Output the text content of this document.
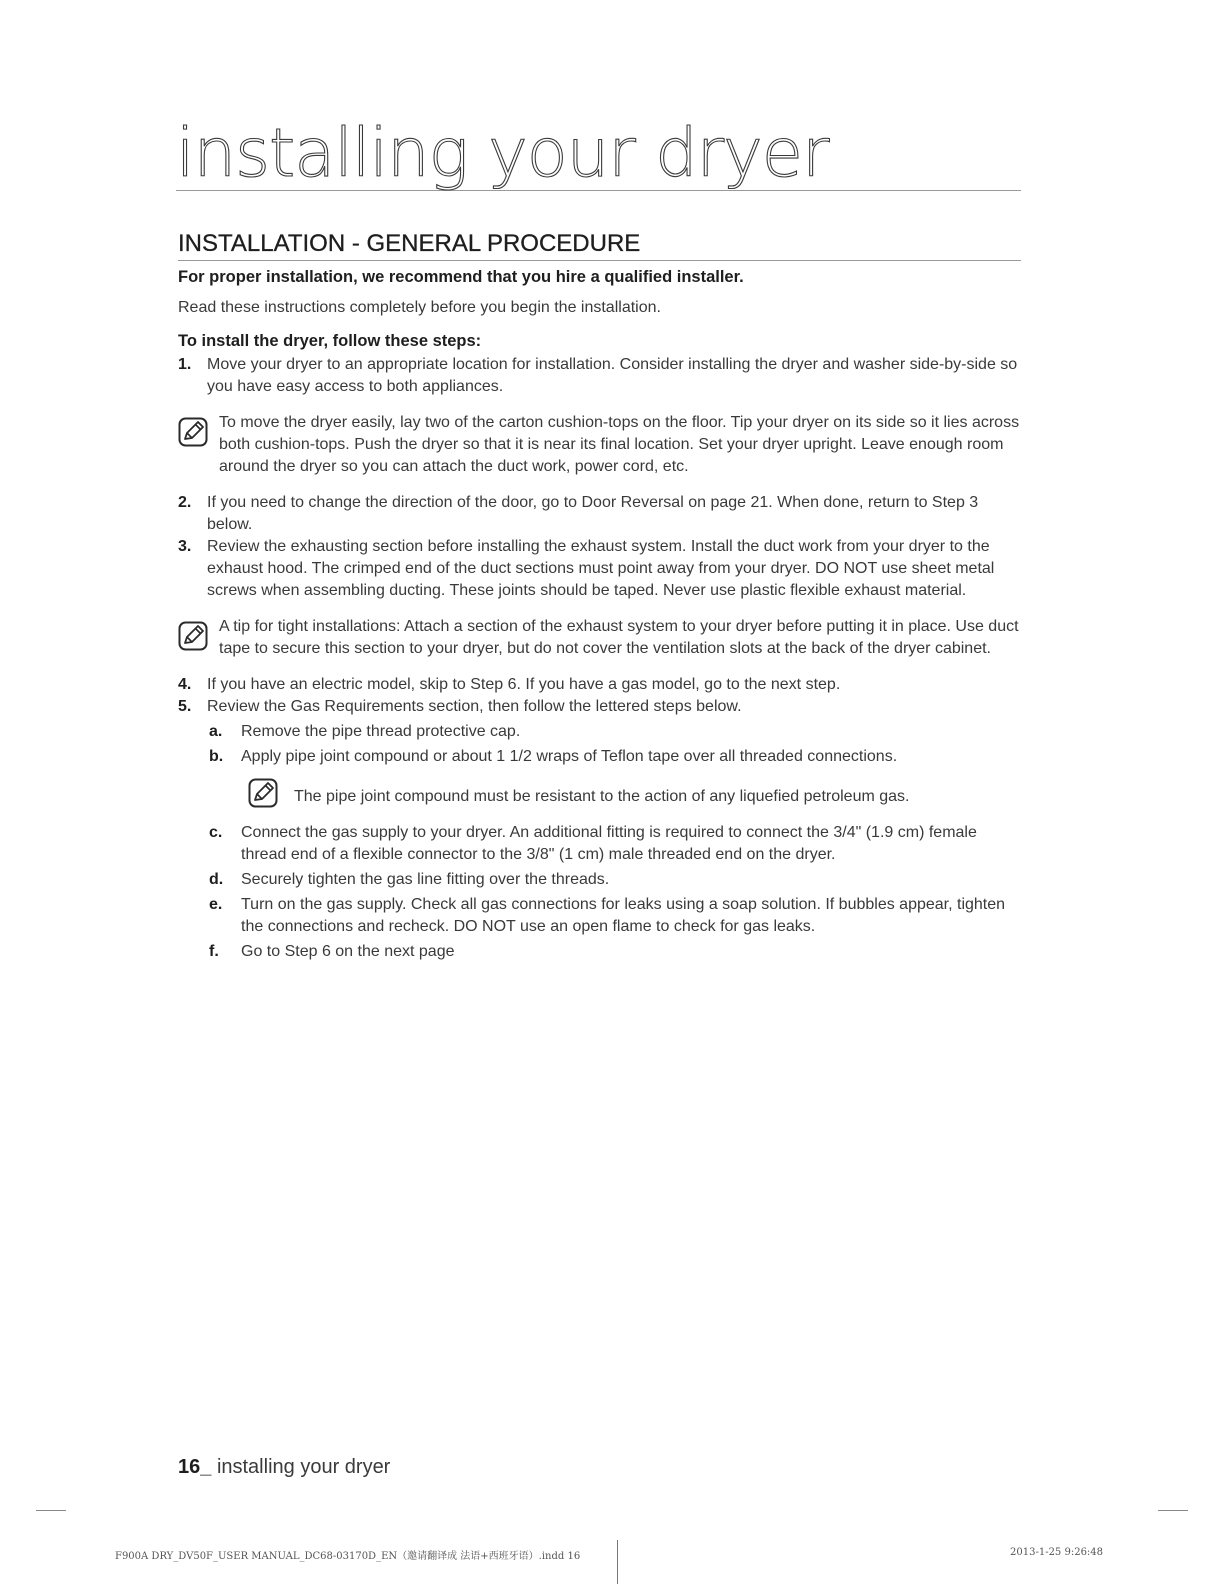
installing your dryer
INSTALLATION - GENERAL PROCEDURE

For proper installation, we recommend that you hire a qualified installer.

Read these instructions completely before you begin the installation.

To install the dryer, follow these steps:

1. Move your dryer to an appropriate location for installation. Consider installing the dryer and washer side-by-side so you have easy access to both appliances.
To move the dryer easily, lay two of the carton cushion-tops on the floor. Tip your dryer on its side so it lies across both cushion-tops. Push the dryer so that it is near its final location. Set your dryer upright. Leave enough room around the dryer so you can attach the duct work, power cord, etc.
2. If you need to change the direction of the door, go to Door Reversal on page 21. When done, return to Step 3 below.
3. Review the exhausting section before installing the exhaust system. Install the duct work from your dryer to the exhaust hood. The crimped end of the duct sections must point away from your dryer. DO NOT use sheet metal screws when assembling ducting. These joints should be taped. Never use plastic flexible exhaust material.
A tip for tight installations: Attach a section of the exhaust system to your dryer before putting it in place. Use duct tape to secure this section to your dryer, but do not cover the ventilation slots at the back of the dryer cabinet.
4. If you have an electric model, skip to Step 6. If you have a gas model, go to the next step.
5. Review the Gas Requirements section, then follow the lettered steps below.
a.	Remove the pipe thread protective cap.
b.	Apply pipe joint compound or about 1 1/2 wraps of Teflon tape over all threaded connections.
The pipe joint compound must be resistant to the action of any liquefied petroleum gas.
c.	Connect the gas supply to your dryer. An additional fitting is required to connect the 3/4" (1.9 cm) female thread end of a flexible connector to the 3/8" (1 cm) male threaded end on the dryer.
d.	Securely tighten the gas line fitting over the threads.
e.	Turn on the gas supply. Check all gas connections for leaks using a soap solution. If bubbles appear, tighten the connections and recheck. DO NOT use an open flame to check for gas leaks.
f.	Go to Step 6 on the next page
16_ installing your dryer
F900A DRY_DV50F_USER MANUAL_DC68-03170D_EN（邀请翻译成 法语+西班牙语）.indd 16	2013-1-25 9:26:48
